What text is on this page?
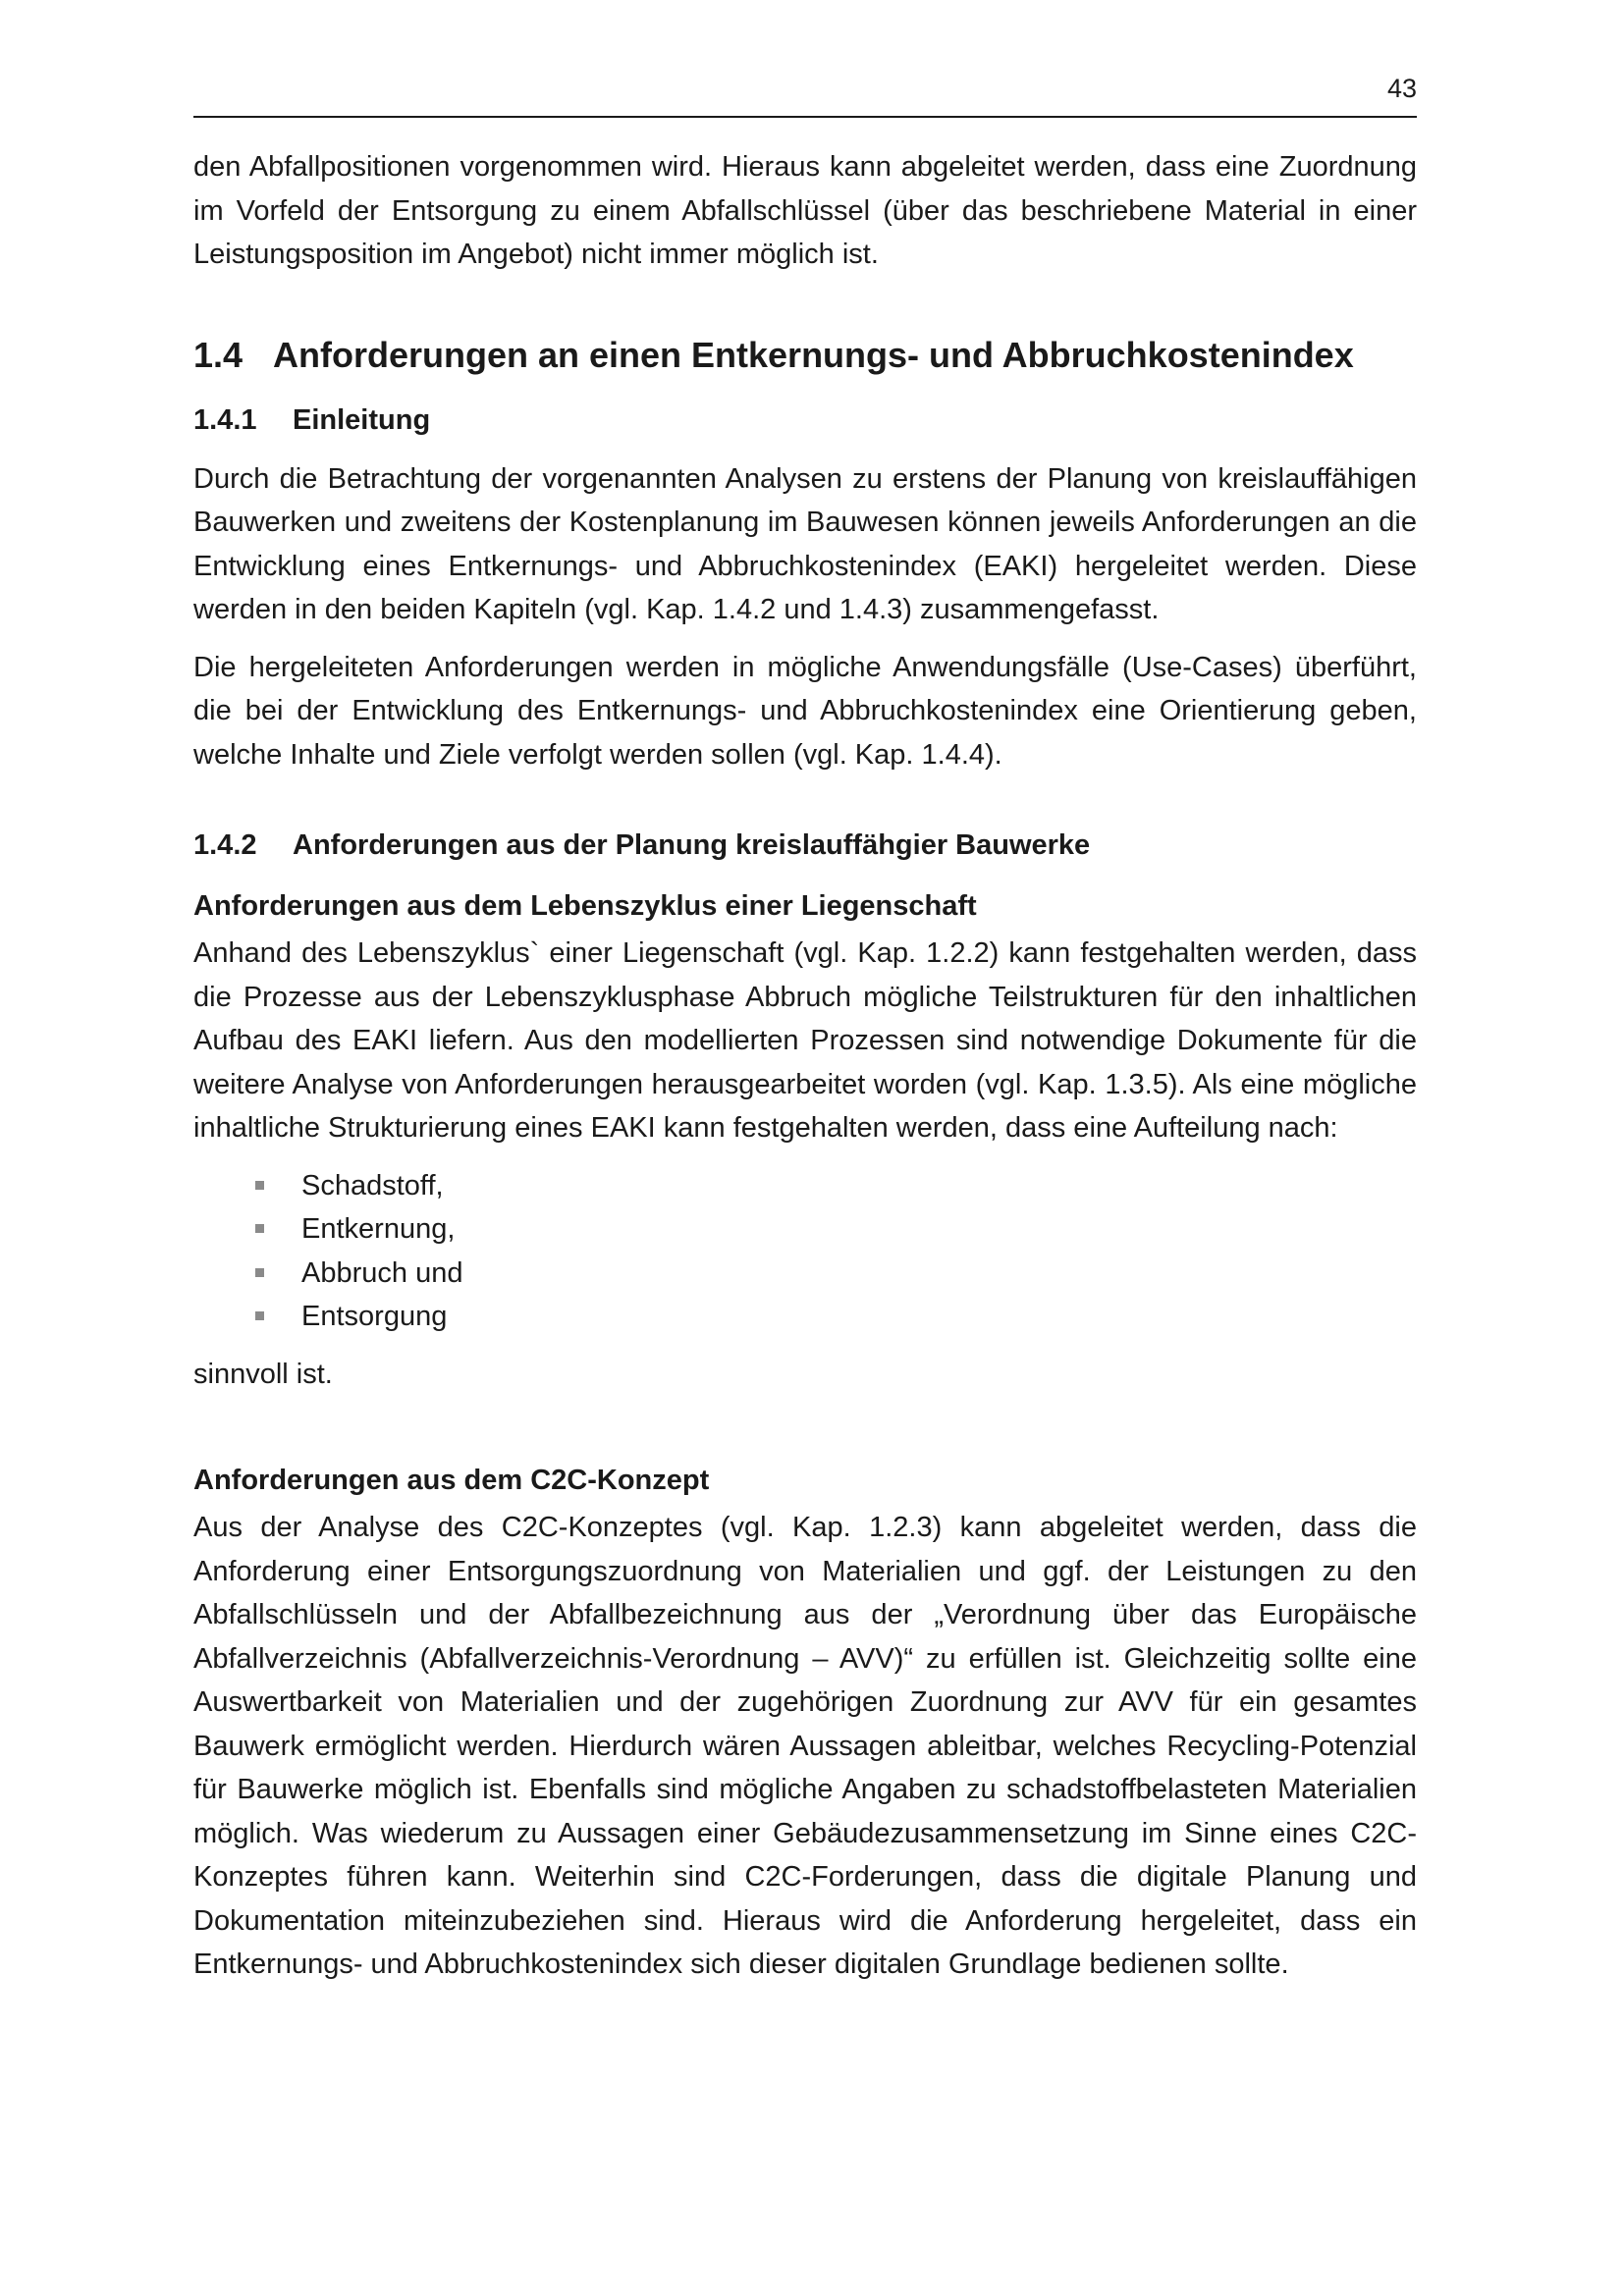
43

den Abfallpositionen vorgenommen wird. Hieraus kann abgeleitet werden, dass eine Zuordnung im Vorfeld der Entsorgung zu einem Abfallschlüssel (über das beschriebene Material in einer Leistungsposition im Angebot) nicht immer möglich ist.

1.4 Anforderungen an einen Entkernungs- und Abbruchkostenindex
1.4.1	Einleitung

Durch die Betrachtung der vorgenannten Analysen zu erstens der Planung von kreislauffähigen Bauwerken und zweitens der Kostenplanung im Bauwesen können jeweils Anforderungen an die Entwicklung eines Entkernungs- und Abbruchkostenindex (EAKI) hergeleitet werden. Diese werden in den beiden Kapiteln (vgl. Kap. 1.4.2 und 1.4.3) zusammengefasst.

Die hergeleiteten Anforderungen werden in mögliche Anwendungsfälle (Use-Cases) überführt, die bei der Entwicklung des Entkernungs- und Abbruchkostenindex eine Orientierung geben, welche Inhalte und Ziele verfolgt werden sollen (vgl. Kap. 1.4.4).

1.4.2	Anforderungen aus der Planung kreislauffähgier Bauwerke
Anforderungen aus dem Lebenszyklus einer Liegenschaft

Anhand des Lebenszyklus` einer Liegenschaft (vgl. Kap. 1.2.2) kann festgehalten werden, dass die Prozesse aus der Lebenszyklusphase Abbruch mögliche Teilstrukturen für den inhaltlichen Aufbau des EAKI liefern. Aus den modellierten Prozessen sind notwendige Dokumente für die weitere Analyse von Anforderungen herausgearbeitet worden (vgl. Kap. 1.3.5). Als eine mögliche inhaltliche Strukturierung eines EAKI kann festgehalten werden, dass eine Aufteilung nach:

Schadstoff,
Entkernung,
Abbruch und
Entsorgung

sinnvoll ist.

Anforderungen aus dem C2C-Konzept

Aus der Analyse des C2C-Konzeptes (vgl. Kap. 1.2.3) kann abgeleitet werden, dass die Anforderung einer Entsorgungszuordnung von Materialien und ggf. der Leistungen zu den Abfallschlüsseln und der Abfallbezeichnung aus der „Verordnung über das Europäische Abfallverzeichnis (Abfallverzeichnis-Verordnung – AVV)“ zu erfüllen ist. Gleichzeitig sollte eine Auswertbarkeit von Materialien und der zugehörigen Zuordnung zur AVV für ein gesamtes Bauwerk ermöglicht werden. Hierdurch wären Aussagen ableitbar, welches Recycling-Potenzial für Bauwerke möglich ist. Ebenfalls sind mögliche Angaben zu schadstoffbelasteten Materialien möglich. Was wiederum zu Aussagen einer Gebäudezusammensetzung im Sinne eines C2C-Konzeptes führen kann. Weiterhin sind C2C-Forderungen, dass die digitale Planung und Dokumentation miteinzubeziehen sind. Hieraus wird die Anforderung hergeleitet, dass ein Entkernungs- und Abbruchkostenindex sich dieser digitalen Grundlage bedienen sollte.
